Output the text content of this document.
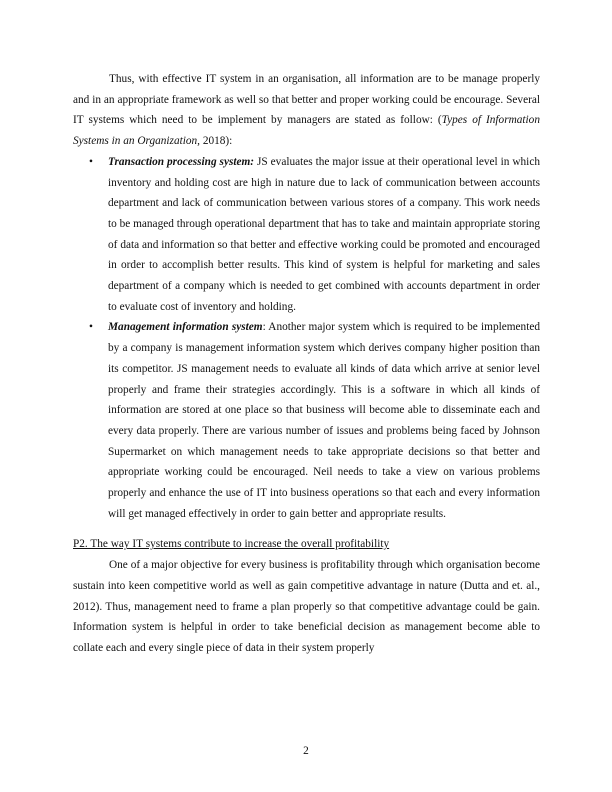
Thus, with effective IT system in an organisation, all information are to be manage properly and in an appropriate framework as well so that better and proper working could be encourage. Several IT systems which need to be implement by managers are stated as follow: (Types of Information Systems in an Organization, 2018):

• Transaction processing system: JS evaluates the major issue at their operational level in which inventory and holding cost are high in nature due to lack of communication between accounts department and lack of communication between various stores of a company. This work needs to be managed through operational department that has to take and maintain appropriate storing of data and information so that better and effective working could be promoted and encouraged in order to accomplish better results. This kind of system is helpful for marketing and sales department of a company which is needed to get combined with accounts department in order to evaluate cost of inventory and holding.
• Management information system: Another major system which is required to be implemented by a company is management information system which derives company higher position than its competitor. JS management needs to evaluate all kinds of data which arrive at senior level properly and frame their strategies accordingly. This is a software in which all kinds of information are stored at one place so that business will become able to disseminate each and every data properly. There are various number of issues and problems being faced by Johnson Supermarket on which management needs to take appropriate decisions so that better and appropriate working could be encouraged. Neil needs to take a view on various problems properly and enhance the use of IT into business operations so that each and every information will get managed effectively in order to gain better and appropriate results.

P2. The way IT systems contribute to increase the overall profitability

One of a major objective for every business is profitability through which organisation become sustain into keen competitive world as well as gain competitive advantage in nature (Dutta and et. al., 2012). Thus, management need to frame a plan properly so that competitive advantage could be gain. Information system is helpful in order to take beneficial decision as management become able to collate each and every single piece of data in their system properly

2
